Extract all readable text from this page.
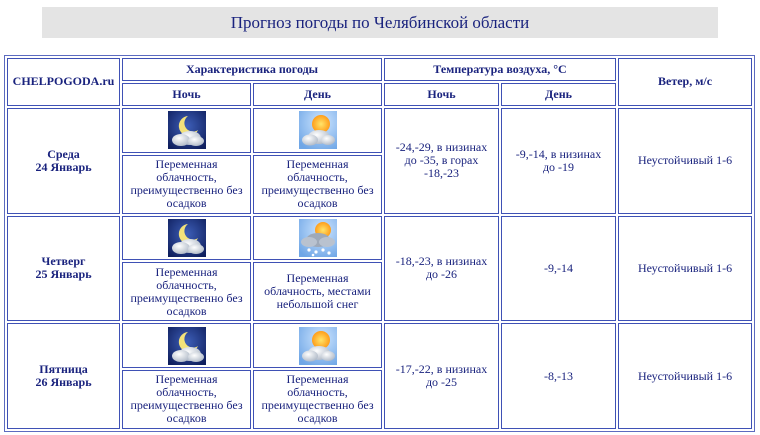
Прогноз погоды по Челябинской области
CHELPOGODA.ru	Характеристика погоды		Температура воздуха, °С		Ветер, м/с
	Ночь	День	Ночь	День	

Среда
24 Январь			-24,-29, в низинах
до -35, в горах
-18,-23	-9,-14, в низинах
до -19	Неустойчивый 1-6

	Переменная
облачность,
преимущественно без
осадков	Переменная
облачность,
преимущественно без
осадков			

Четверг
25 Январь			-18,-23, в низинах
до -26	-9,-14	Неустойчивый 1-6

	Переменная
облачность,
преимущественно без
осадков	Переменная
облачность, местами
небольшой снег			

Пятница
26 Январь			-17,-22, в низинах
до -25	-8,-13	Неустойчивый 1-6

	Переменная
облачность,
преимущественно без
осадков	Переменная
облачность,
преимущественно без
осадков			
